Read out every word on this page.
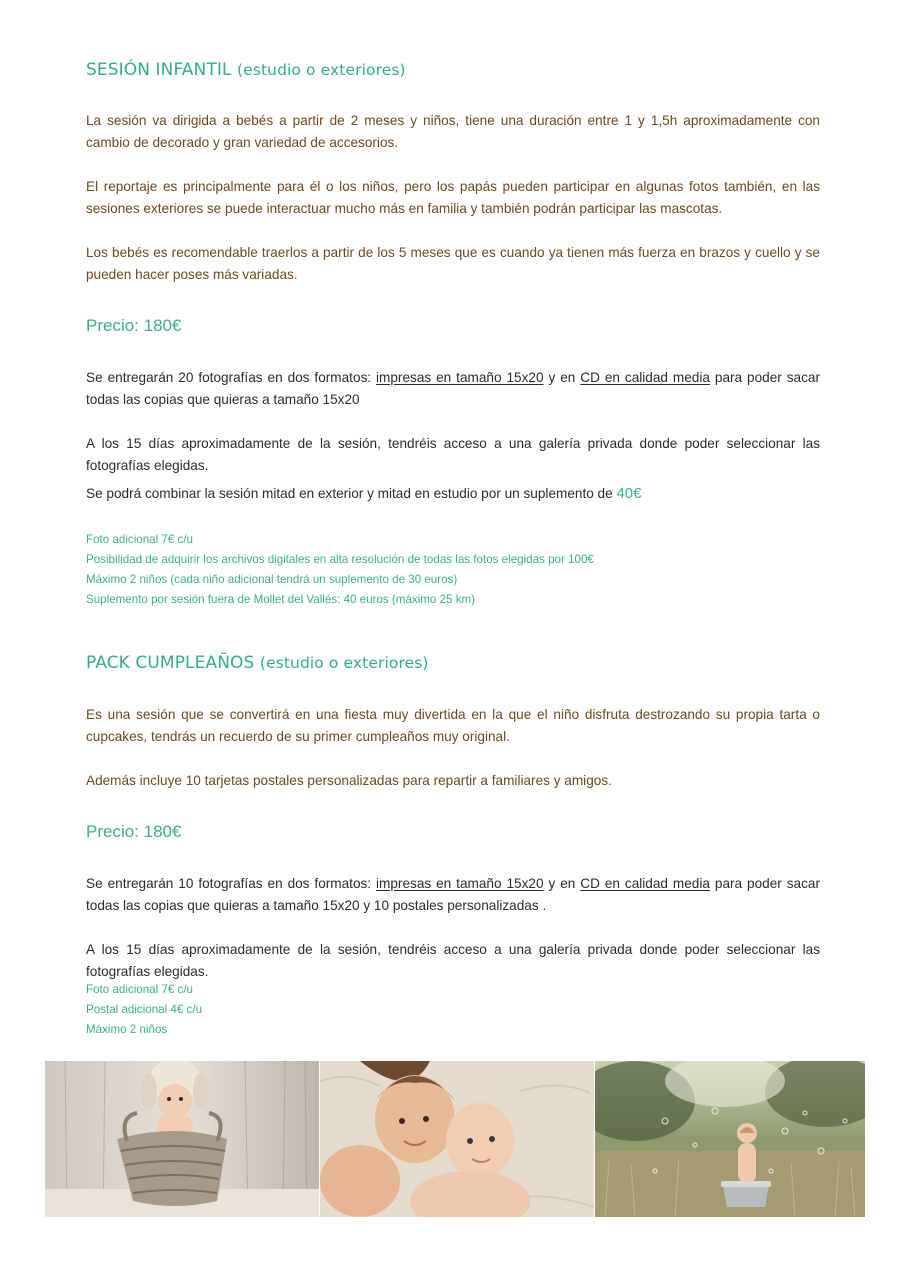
SESIÓN INFANTIL (estudio o exteriores)

La sesión va dirigida a bebés a partir de 2 meses y niños, tiene una duración entre 1 y 1,5h aproximadamente con cambio de decorado y gran variedad de accesorios.

El reportaje es principalmente para él o los niños, pero los papás pueden participar en algunas fotos también, en las sesiones exteriores se puede interactuar mucho más en familia y también podrán participar las mascotas.

Los bebés es recomendable traerlos a partir de los 5 meses que es cuando ya tienen más fuerza en brazos y cuello y se pueden hacer poses más variadas.

Precio: 180€

Se entregarán 20 fotografías en dos formatos: impresas en tamaño 15x20 y en CD en calidad media para poder sacar todas las copias que quieras a tamaño 15x20

A los 15 días aproximadamente de la sesión, tendréis acceso a una galería privada donde poder seleccionar las fotografías elegidas.

Se podrá combinar la sesión mitad en exterior y mitad en estudio por un suplemento de 40€

Foto adicional 7€ c/u
Posibilidad de adquirir los archivos digitales en alta resolución de todas las fotos elegidas por 100€
Máximo 2 niños (cada niño adicional tendrá un suplemento de 30 euros)
Suplemento por sesión fuera de Mollet del Vallés: 40 euros (máximo 25 km)
PACK CUMPLEAÑOS (estudio o exteriores)

Es una sesión que se convertirá en una fiesta muy divertida en la que el niño disfruta destrozando su propia tarta o cupcakes, tendrás un recuerdo de su primer cumpleaños muy original.

Además incluye 10 tarjetas postales personalizadas para repartir a familiares y amigos.

Precio: 180€

Se entregarán 10 fotografías en dos formatos: impresas en tamaño 15x20 y en CD en calidad media para poder sacar todas las copias que quieras a tamaño 15x20 y 10 postales personalizadas .

A los 15 días aproximadamente de la sesión, tendréis acceso a una galería privada donde poder seleccionar las fotografías elegidas.

Foto adicional 7€ c/u
Postal adicional 4€ c/u
Máximo 2 niños
